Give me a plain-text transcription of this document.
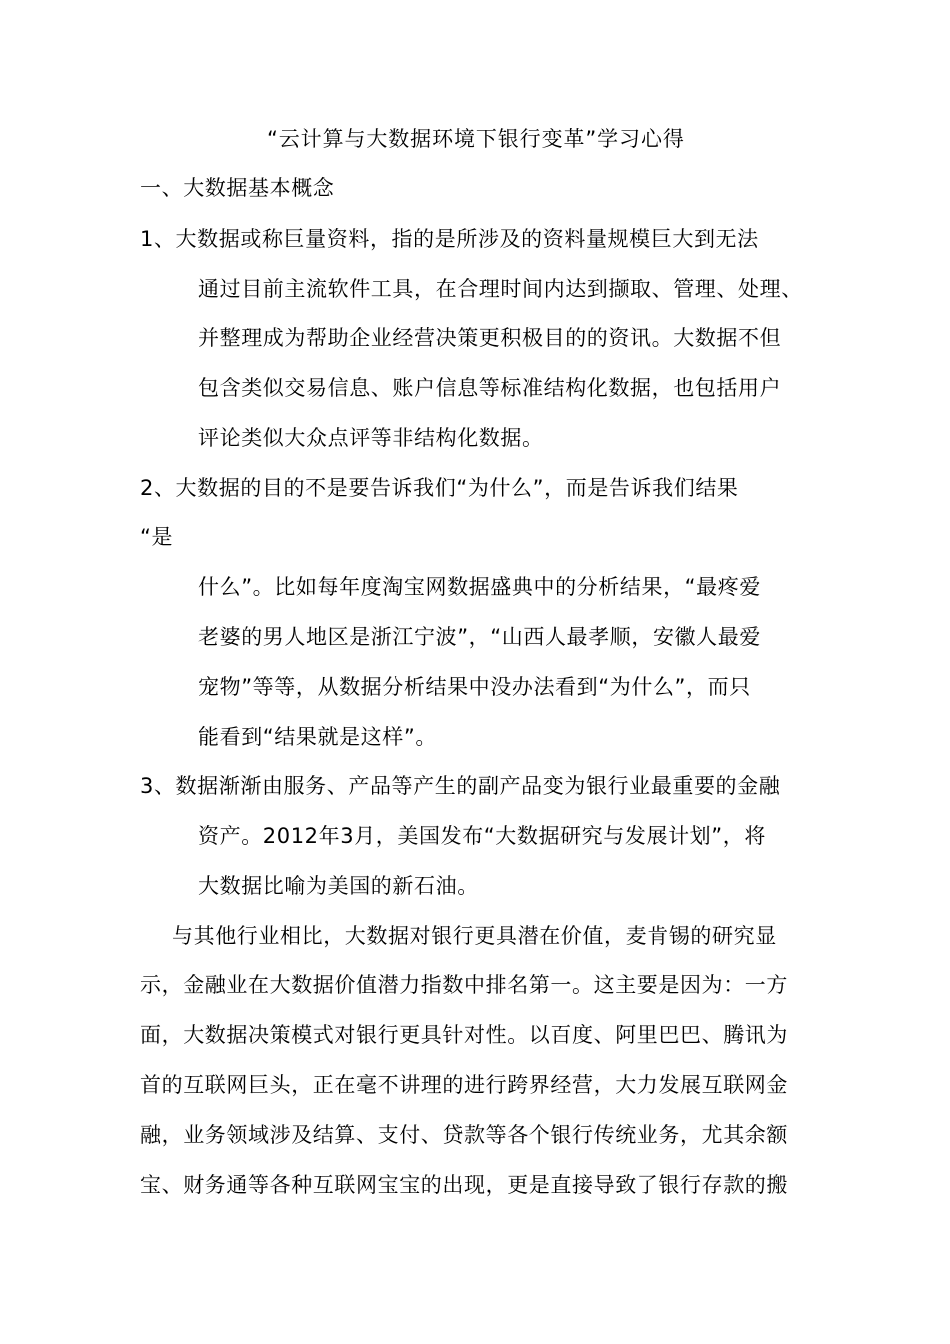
“云计算与大数据环境下银行变革”学习心得
一、大数据基本概念
1、大数据或称巨量资料，指的是所涉及的资料量规模巨大到无法
通过目前主流软件工具，在合理时间内达到撷取、管理、处理、
并整理成为帮助企业经营决策更积极目的的资讯。大数据不但
包含类似交易信息、账户信息等标准结构化数据，也包括用户
评论类似大众点评等非结构化数据。
2、大数据的目的不是要告诉我们“为什么”，而是告诉我们结果
“是
什么”。比如每年度淘宝网数据盛典中的分析结果，“最疼爱
老婆的男人地区是浙江宁波”，“山西人最孝顺，安徽人最爱
宠物”等等，从数据分析结果中没办法看到“为什么”，而只
能看到“结果就是这样”。
3、数据渐渐由服务、产品等产生的副产品变为银行业最重要的金融
资产。2012年3月，美国发布“大数据研究与发展计划”，将
大数据比喻为美国的新石油。
与其他行业相比，大数据对银行更具潜在价值，麦肯锡的研究显
示，金融业在大数据价值潜力指数中排名第一。这主要是因为：一方
面，大数据决策模式对银行更具针对性。以百度、阿里巴巴、腾讯为
首的互联网巨头，正在毫不讲理的进行跨界经营，大力发展互联网金
融，业务领域涉及结算、支付、贷款等各个银行传统业务，尤其余额
宝、财务通等各种互联网宝宝的出现，更是直接导致了银行存款的搬
